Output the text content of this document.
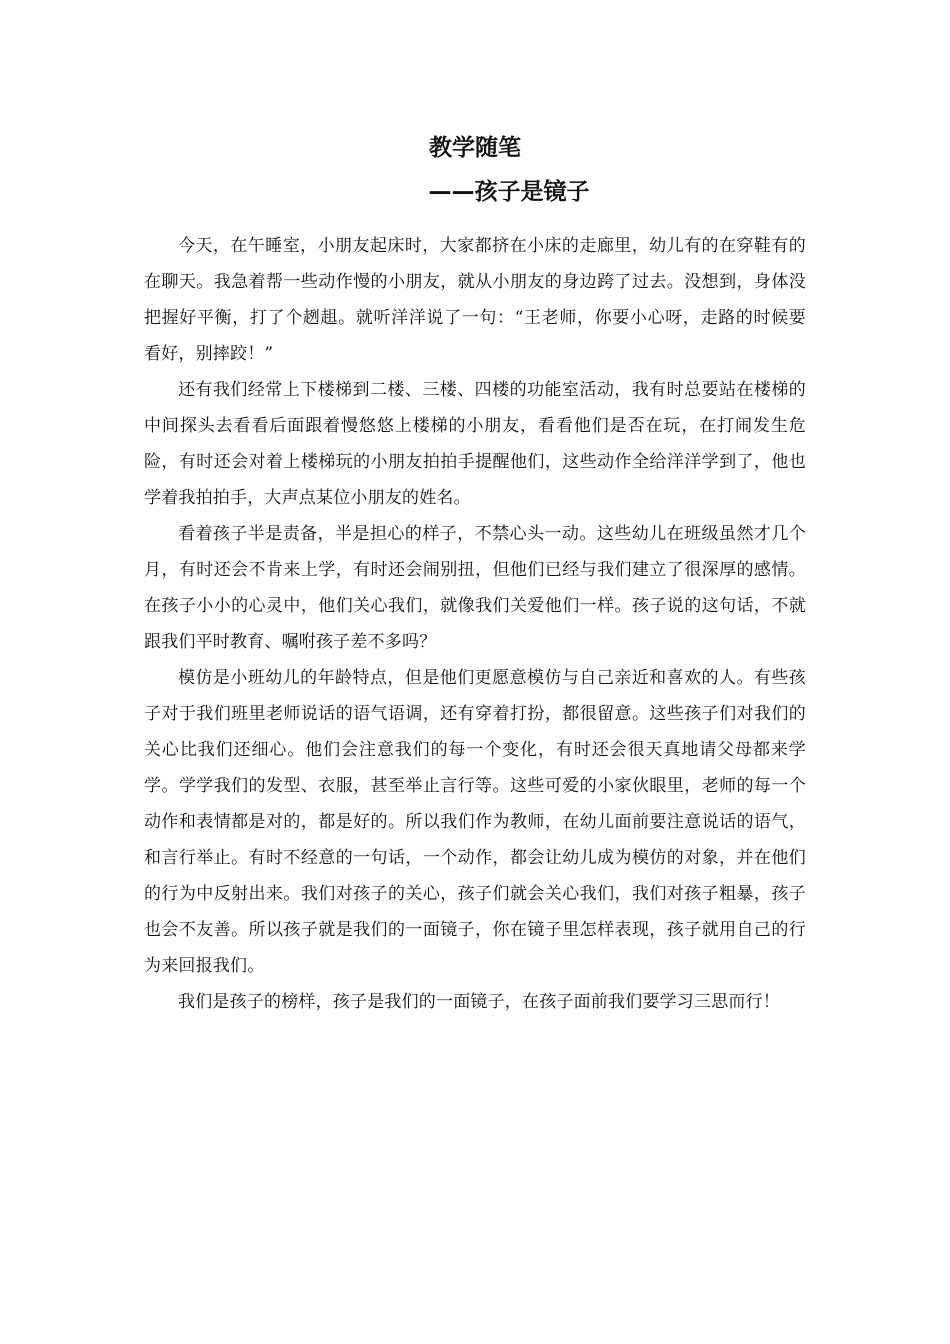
教学随笔
——孩子是镜子

今天，在午睡室，小朋友起床时，大家都挤在小床的走廊里，幼儿有的在穿鞋有的在聊天。我急着帮一些动作慢的小朋友，就从小朋友的身边跨了过去。没想到，身体没把握好平衡，打了个趔趄。就听洋洋说了一句：“王老师，你要小心呀，走路的时候要看好，别摔跤！”

还有我们经常上下楼梯到二楼、三楼、四楼的功能室活动，我有时总要站在楼梯的中间探头去看看后面跟着慢悠悠上楼梯的小朋友，看看他们是否在玩，在打闹发生危险，有时还会对着上楼梯玩的小朋友拍拍手提醒他们，这些动作全给洋洋学到了，他也学着我拍拍手，大声点某位小朋友的姓名。

看着孩子半是责备，半是担心的样子，不禁心头一动。这些幼儿在班级虽然才几个月，有时还会不肯来上学，有时还会闹别扭，但他们已经与我们建立了很深厚的感情。在孩子小小的心灵中，他们关心我们，就像我们关爱他们一样。孩子说的这句话，不就跟我们平时教育、嘱咐孩子差不多吗？

模仿是小班幼儿的年龄特点，但是他们更愿意模仿与自己亲近和喜欢的人。有些孩子对于我们班里老师说话的语气语调，还有穿着打扮，都很留意。这些孩子们对我们的关心比我们还细心。他们会注意我们的每一个变化，有时还会很天真地请父母都来学学。学学我们的发型、衣服，甚至举止言行等。这些可爱的小家伙眼里，老师的每一个动作和表情都是对的，都是好的。所以我们作为教师，在幼儿面前要注意说话的语气，和言行举止。有时不经意的一句话，一个动作，都会让幼儿成为模仿的对象，并在他们的行为中反射出来。我们对孩子的关心，孩子们就会关心我们，我们对孩子粗暴，孩子也会不友善。所以孩子就是我们的一面镜子，你在镜子里怎样表现，孩子就用自己的行为来回报我们。

我们是孩子的榜样，孩子是我们的一面镜子，在孩子面前我们要学习三思而行！
